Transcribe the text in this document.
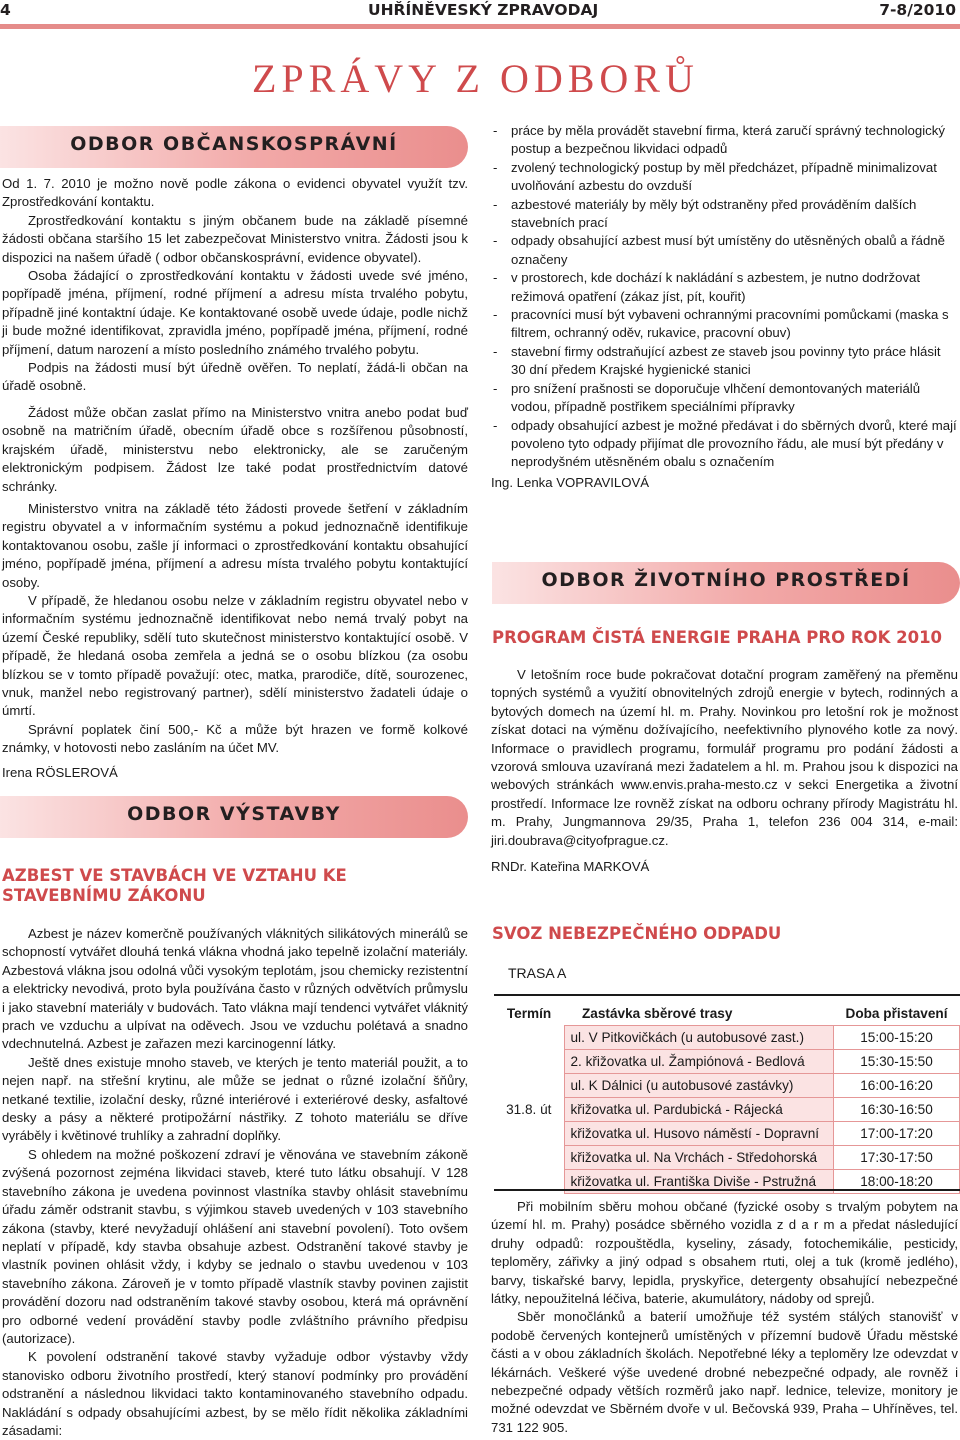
4	UHŘÍNĚVESKÝ ZPRAVODAJ	7-8/2010
ZPRÁVY Z ODBORŮ
ODBOR OBČANSKOSPRÁVNÍ

Od 1. 7. 2010 je možno nově podle zákona o evidenci obyvatel využít tzv. Zprostředkování kontaktu.

Zprostředkování kontaktu s jiným občanem bude na základě písemné žádosti občana staršího 15 let zabezpečovat Ministerstvo vnitra. Žádosti jsou k dispozici na našem úřadě ( odbor občanskosprávní, evidence obyvatel).

Osoba žádající o zprostředkování kontaktu v žádosti uvede své jméno, popřípadě jména, příjmení, rodné příjmení a adresu místa trvalého pobytu, případně jiné kontaktní údaje. Ke kontaktované osobě uvede údaje, podle nichž ji bude možné identifikovat, zpravidla jméno, popřípadě jména, příjmení, rodné příjmení, datum narození a místo posledního známého trvalého pobytu.

Podpis na žádosti musí být úředně ověřen. To neplatí, žádá-li občan na úřadě osobně.

Žádost může občan zaslat přímo na Ministerstvo vnitra anebo podat buď osobně na matričním úřadě, obecním úřadě obce s rozšířenou působností, krajském úřadě, ministerstvu nebo elektronicky, ale se zaručeným elektronickým podpisem. Žádost lze také podat prostřednictvím datové schránky.

Ministerstvo vnitra na základě této žádosti provede šetření v základním registru obyvatel a v informačním systému a pokud jednoznačně identifikuje kontaktovanou osobu, zašle jí informaci o zprostředkování kontaktu obsahující jméno, popřípadě jména, příjmení a adresu místa trvalého pobytu kontaktující osoby.

V případě, že hledanou osobu nelze v základním registru obyvatel nebo v informačním systému jednoznačně identifikovat nebo nemá trvalý pobyt na území České republiky, sdělí tuto skutečnost ministerstvo kontaktující osobě. V případě, že hledaná osoba zemřela a jedná se o osobu blízkou (za osobu blízkou se v tomto případě považují: otec, matka, prarodiče, dítě, sourozenec, vnuk, manžel nebo registrovaný partner), sdělí ministerstvo žadateli údaje o úmrtí.

Správní poplatek činí 500,- Kč a může být hrazen ve formě kolkové známky, v hotovosti nebo zasláním na účet MV.

Irena RÖSLEROVÁ

ODBOR VÝSTAVBY
AZBEST VE STAVBÁCH VE VZTAHU KE STAVEBNÍMU ZÁKONU

Azbest je název komerčně používaných vláknitých silikátových minerálů se schopností vytvářet dlouhá tenká vlákna vhodná jako tepelně izolační materiály. Azbestová vlákna jsou odolná vůči vysokým teplotám, jsou chemicky rezistentní a elektricky nevodivá, proto byla používána často v různých odvětvích průmyslu i jako stavební materiály v budovách. Tato vlákna mají tendenci vytvářet vláknitý prach ve vzduchu a ulpívat na oděvech. Jsou ve vzduchu polétavá a snadno vdechnutelná. Azbest je zařazen mezi karcinogenní látky.

Ještě dnes existuje mnoho staveb, ve kterých je tento materiál použit, a to nejen např. na střešní krytinu, ale může se jednat o různé izolační šňůry, netkané textilie, izolační desky, různé interiérové i exteriérové desky, asfaltové desky a pásy a některé protipožární nástřiky. Z tohoto materiálu se dříve vyráběly i květinové truhlíky a zahradní doplňky.

S ohledem na možné poškození zdraví je věnována ve stavebním zákoně zvýšená pozornost zejména likvidaci staveb, které tuto látku obsahují. V 128 stavebního zákona je uvedena povinnost vlastníka stavby ohlásit stavebnímu úřadu záměr odstranit stavbu, s výjimkou staveb uvedených v 103 stavebního zákona (stavby, které nevyžadují ohlášení ani stavební povolení). Toto ovšem neplatí v případě, kdy stavba obsahuje azbest. Odstranění takové stavby je vlastník povinen ohlásit vždy, i kdyby se jednalo o stavbu uvedenou v 103 stavebního zákona. Zároveň je v tomto případě vlastník stavby povinen zajistit provádění dozoru nad odstraněním takové stavby osobou, která má oprávnění pro odborné vedení provádění stavby podle zvláštního právního předpisu (autorizace).

K povolení odstranění takové stavby vyžaduje odbor výstavby vždy stanovisko odboru životního prostředí, který stanoví podmínky pro provádění odstranění a následnou likvidaci takto kontaminovaného stavebního odpadu. Nakládání s odpady obsahujícími azbest, by se mělo řídit několika základními zásadami:

- práce by měla provádět stavební firma, která zaručí správný technologický postup a bezpečnou likvidaci odpadů
- zvolený technologický postup by měl předcházet, případně minimalizovat uvolňování azbestu do ovzduší
- azbestové materiály by měly být odstraněny před prováděním dalších stavebních prací
- odpady obsahující azbest musí být umístěny do utěsněných obalů a řádně označeny
- v prostorech, kde dochází k nakládání s azbestem, je nutno dodržovat režimová opatření (zákaz jíst, pít, kouřit)
- pracovníci musí být vybaveni ochrannými pracovními pomůckami (maska s filtrem, ochranný oděv, rukavice, pracovní obuv)
- stavební firmy odstraňující azbest ze staveb jsou povinny tyto práce hlásit 30 dní předem Krajské hygienické stanici
- pro snížení prašnosti se doporučuje vlhčení demontovaných materiálů vodou, případně postřikem speciálními přípravky
- odpady obsahující azbest je možné předávat i do sběrných dvorů, které mají povoleno tyto odpady přijímat dle provozního řádu, ale musí být předány v neprodyšném utěsněném obalu s označením

Ing. Lenka VOPRAVILOVÁ

ODBOR ŽIVOTNÍHO PROSTŘEDÍ
PROGRAM ČISTÁ ENERGIE PRAHA PRO ROK 2010

V letošním roce bude pokračovat dotační program zaměřený na přeměnu topných systémů a využití obnovitelných zdrojů energie v bytech, rodinných a bytových domech na území hl. m. Prahy. Novinkou pro letošní rok je možnost získat dotaci na výměnu dožívajícího, neefektivního plynového kotle za nový. Informace o pravidlech programu, formulář programu pro podání žádosti a vzorová smlouva uzavíraná mezi žadatelem a hl. m. Prahou jsou k dispozici na webových stránkách www.envis.praha-mesto.cz v sekci Energetika a životní prostředí. Informace lze rovněž získat na odboru ochrany přírody Magistrátu hl. m. Prahy, Jungmannova 29/35, Praha 1, telefon 236 004 314, e-mail: jiri.doubrava@cityofprague.cz.

RNDr. Kateřina MARKOVÁ

SVOZ NEBEZPEČNÉHO ODPADU
TRASA A
Termín	Zastávka sběrové trasy	Doba přistavení
31.8. út	ul. V Pitkovičkách (u autobusové zast.)	15:00-15:20
	2. křižovatka ul. Žampiónová - Bedlová	15:30-15:50
	ul. K Dálnici (u autobusové zastávky)	16:00-16:20
	křižovatka ul. Pardubická - Rájecká	16:30-16:50
	křižovatka ul. Husovo náměstí - Dopravní	17:00-17:20
	křižovatka ul. Na Vrchách - Středohorská	17:30-17:50
	křižovatka ul. Františka Diviše - Pstružná	18:00-18:20

Při mobilním sběru mohou občané (fyzické osoby s trvalým pobytem na území hl. m. Prahy) posádce sběrného vozidla z d a r m a předat následující druhy odpadů: rozpouštědla, kyseliny, zásady, fotochemikálie, pesticidy, teploměry, zářivky a jiný odpad s obsahem rtuti, olej a tuk (kromě jedlého), barvy, tiskařské barvy, lepidla, pryskyřice, detergenty obsahující nebezpečné látky, nepoužitelná léčiva, baterie, akumulátory, nádoby od sprejů.

Sběr monočlánků a baterií umožňuje též systém stálých stanovišť v podobě červených kontejnerů umístěných v přízemní budově Úřadu městské části a v obou základních školách. Nepotřebné léky a teploměry lze odevzdat v lékárnách. Veškeré výše uvedené drobné nebezpečné odpady, ale rovněž i nebezpečné odpady větších rozměrů jako např. lednice, televize, monitory je možné odevzdat ve Sběrném dvoře v ul. Bečovská 939, Praha – Uhříněves, tel. 731 122 905.
